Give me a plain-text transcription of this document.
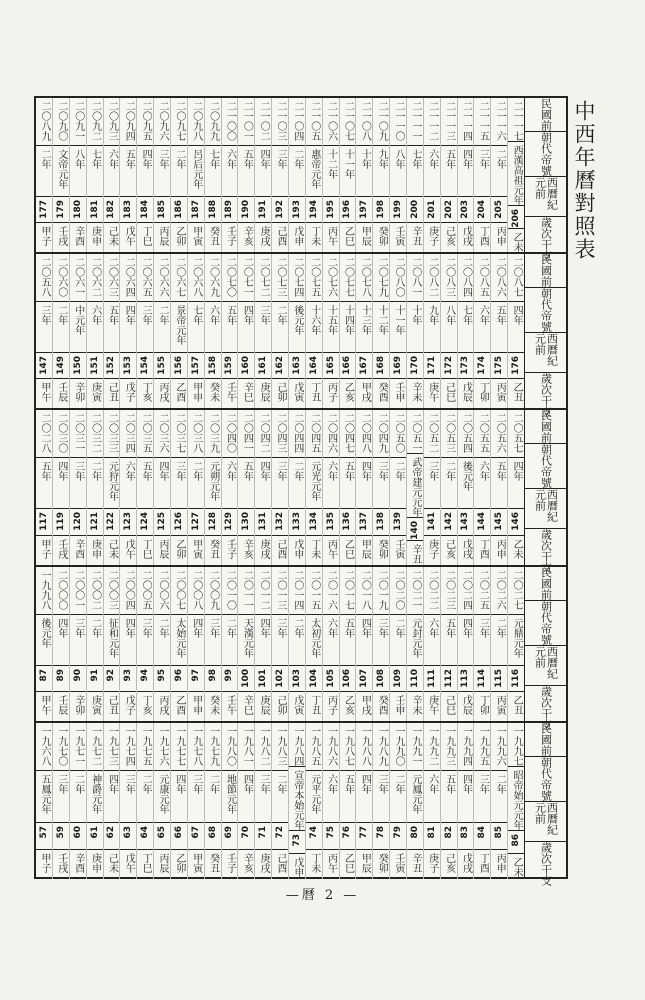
中西年曆對照表
二一一七
西漢高祖元年
206
乙未
二一一六
二年
205
丙申
二一一五
三年
204
丁酉
二一一四
四年
203
戊戌
二一一三
五年
202
己亥
二一一二
六年
201
庚子
二一一一
七年
200
辛丑
二一一〇
八年
199
壬寅
二一〇九
九年
198
癸卯
二一〇八
十年
197
甲辰
二一〇七
十一年
196
乙巳
二一〇六
十二年
195
丙午
二一〇五
惠帝元年
194
丁未
二一〇四
二年
193
戊申
二一〇三
三年
192
己酉
二一〇二
四年
191
庚戌
二一〇一
五年
190
辛亥
二一〇〇
六年
189
壬子
二〇九九
七年
188
癸丑
二〇九八
呂后元年
187
甲寅
二〇九七
二年
186
乙卯
二〇九六
三年
185
丙辰
二〇九五
四年
184
丁巳
二〇九四
五年
183
戊午
二〇九三
六年
182
己未
二〇九二
七年
181
庚申
二〇九一
八年
180
辛酉
二〇九〇
文帝元年
179
壬戌
二〇八九
二年
177
甲子
民國前
朝代帝號
西曆紀元前
歲次干支
二〇八七
四年
176
乙丑
二〇八六
五年
175
丙寅
二〇八五
六年
174
丁卯
二〇八四
七年
173
戊辰
二〇八三
八年
172
己巳
二〇八二
九年
171
庚午
二〇八一
十年
170
辛未
二〇八〇
十一年
169
壬申
二〇七九
十二年
168
癸酉
二〇七八
十三年
167
甲戌
二〇七七
十四年
166
乙亥
二〇七六
十五年
165
丙子
二〇七五
十六年
164
丁丑
二〇七四
後元年
163
戊寅
二〇七三
二年
162
己卯
二〇七二
三年
161
庚辰
二〇七一
四年
160
辛巳
二〇七〇
五年
159
壬午
二〇六九
六年
158
癸未
二〇六八
七年
157
甲申
二〇六七
景帝元年
156
乙酉
二〇六六
二年
155
丙戌
二〇六五
三年
154
丁亥
二〇六四
四年
153
戊子
二〇六三
五年
152
己丑
二〇六二
六年
151
庚寅
二〇六一
中元年
150
辛卯
二〇六〇
二年
149
壬辰
二〇五八
三年
147
甲午
民國前
朝代帝號
西曆紀元前
歲次干支
二〇五七
四年
146
乙未
二〇五六
五年
145
丙申
二〇五五
六年
144
丁酉
二〇五四
後元年
143
戊戌
二〇五三
二年
142
己亥
二〇五二
三年
141
庚子
二〇五一
武帝建元元年
140
辛丑
二〇五〇
二年
139
壬寅
二〇四九
三年
138
癸卯
二〇四八
四年
137
甲辰
二〇四七
五年
136
乙巳
二〇四六
六年
135
丙午
二〇四五
元光元年
134
丁未
二〇四四
二年
133
戊申
二〇四三
三年
132
己酉
二〇四二
四年
131
庚戌
二〇四一
五年
130
辛亥
二〇四〇
六年
129
壬子
二〇三九
元朔元年
128
癸丑
二〇三八
二年
127
甲寅
二〇三七
三年
126
乙卯
二〇三六
四年
125
丙辰
二〇三五
五年
124
丁巳
二〇三四
六年
123
戊午
二〇三三
元狩元年
122
己未
二〇三二
二年
121
庚申
二〇三一
三年
120
辛酉
二〇三〇
四年
119
壬戌
二〇二八
五年
117
甲子
民國前
朝代帝號
西曆紀元前
歲次干支
二〇二七
元鼎元年
116
乙丑
二〇二六
二年
115
丙寅
二〇二五
三年
114
丁卯
二〇二四
四年
113
戊辰
二〇二三
五年
112
己巳
二〇二二
六年
111
庚午
二〇二一
元封元年
110
辛未
二〇二〇
二年
109
壬申
二〇一九
三年
108
癸酉
二〇一八
四年
107
甲戌
二〇一七
五年
106
乙亥
二〇一六
六年
105
丙子
二〇一五
太初元年
104
丁丑
二〇一四
二年
103
戊寅
二〇一三
三年
102
己卯
二〇一二
四年
101
庚辰
二〇一一
天漢元年
100
辛巳
二〇一〇
二年
99
壬午
二〇〇九
三年
98
癸未
二〇〇八
四年
97
甲申
二〇〇七
太始元年
96
乙酉
二〇〇六
二年
95
丙戌
二〇〇五
三年
94
丁亥
二〇〇四
四年
93
戊子
二〇〇三
征和元年
92
己丑
二〇〇二
二年
91
庚寅
二〇〇一
三年
90
辛卯
二〇〇〇
四年
89
壬辰
一九九八
後元年
87
甲午
民國前
朝代帝號
西曆紀元前
歲次干支
一九九七
昭帝始元元年
86
乙未
一九九六
二年
85
丙申
一九九五
三年
84
丁酉
一九九四
四年
83
戊戌
一九九三
五年
82
己亥
一九九二
六年
81
庚子
一九九一
元鳳元年
80
辛丑
一九九〇
二年
79
壬寅
一九八九
三年
78
癸卯
一九八八
四年
77
甲辰
一九八七
五年
76
乙巳
一九八六
六年
75
丙午
一九八五
元平元年
74
丁未
一九八四
宣帝本始元年
73
戊申
一九八三
二年
72
己酉
一九八二
三年
71
庚戌
一九八一
四年
70
辛亥
一九八〇
地節元年
69
壬子
一九七九
二年
68
癸丑
一九七八
三年
67
甲寅
一九七七
四年
66
乙卯
一九七六
元康元年
65
丙辰
一九七五
二年
64
丁巳
一九七四
三年
63
戊午
一九七三
四年
62
己未
一九七二
神爵元年
61
庚申
一九七一
二年
60
辛酉
一九七〇
三年
59
壬戌
一九六八
五鳳元年
57
甲子
民國前
朝代帝號
西曆紀元前
歲次干支
—曆 2 —
